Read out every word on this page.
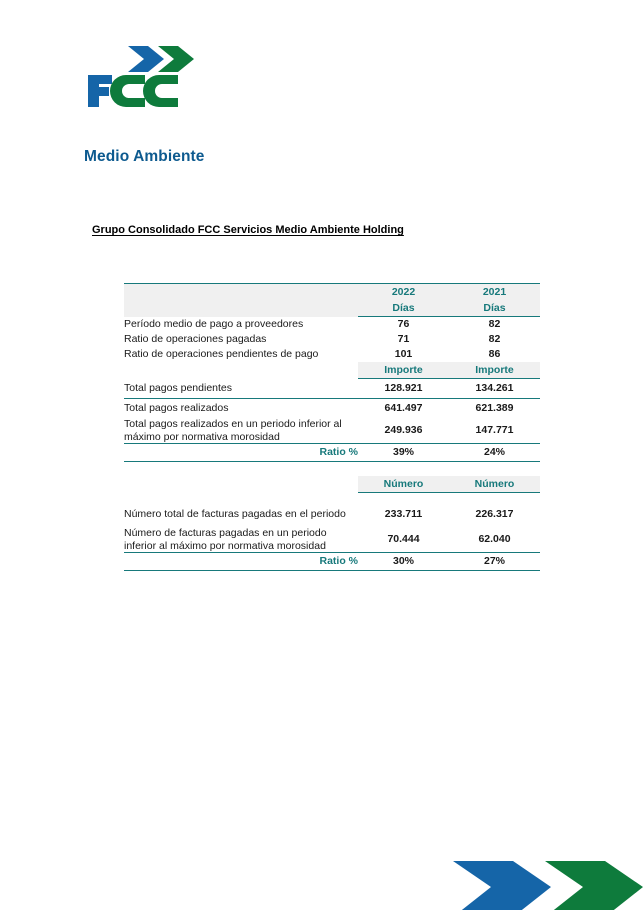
Medio Ambiente
Grupo Consolidado FCC Servicios Medio Ambiente Holding
	2022	2021
	Días	Días
Período medio de pago a proveedores	76	82
Ratio de operaciones pagadas	71	82
Ratio de operaciones pendientes de pago	101	86
	Importe	Importe
Total pagos pendientes	128.921	134.261
Total pagos realizados	641.497	621.389
Total pagos realizados en un periodo inferior al máximo por normativa morosidad	249.936	147.771
Ratio %	39%	24%

	Número	Número

Número total de facturas pagadas en el periodo	233.711	226.317
Número de facturas pagadas en un periodo inferior al máximo por normativa morosidad	70.444	62.040
Ratio %	30%	27%
